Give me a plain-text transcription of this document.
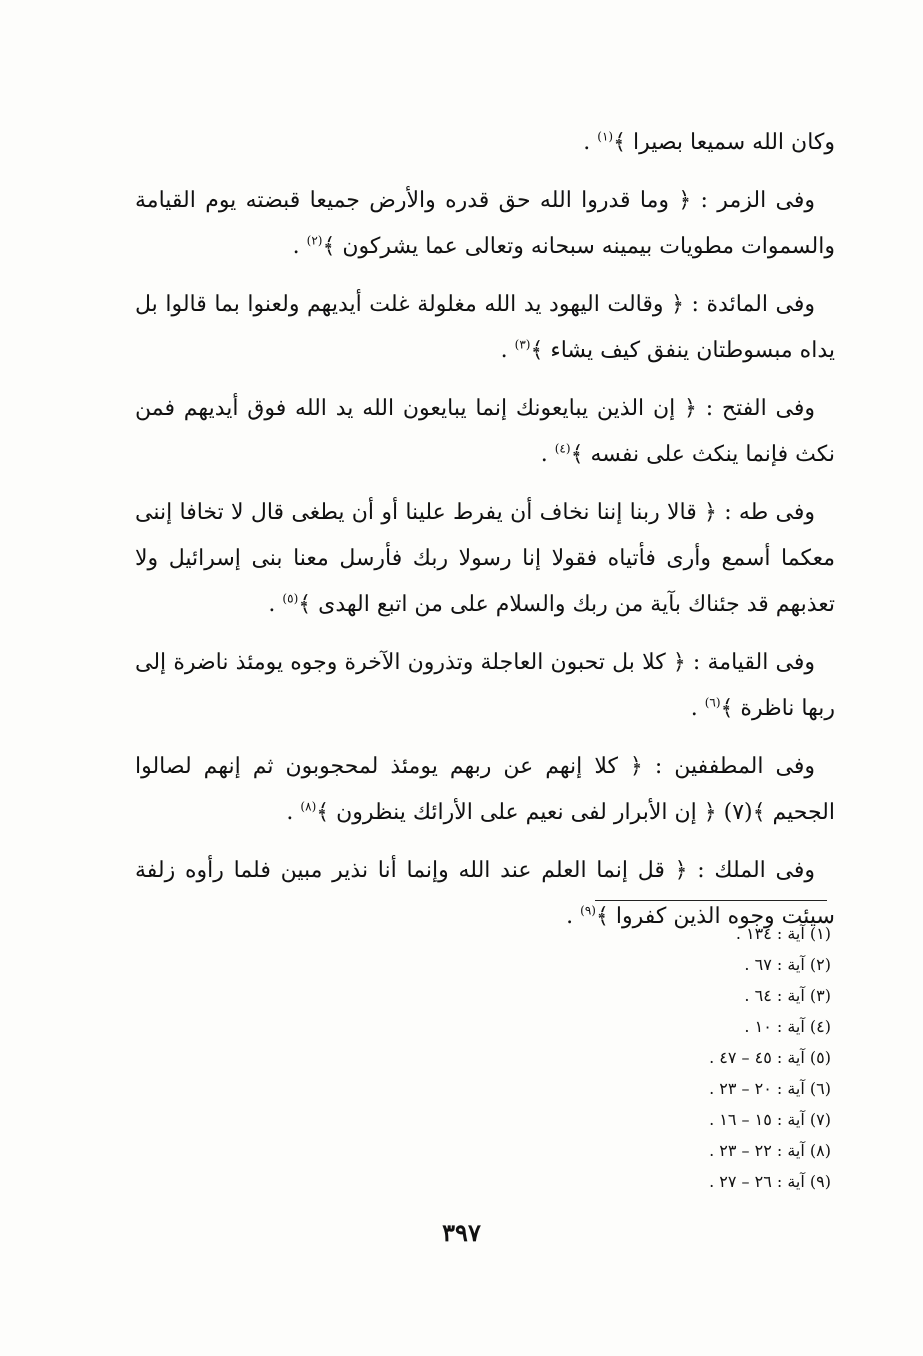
وكان الله سميعا بصيرا ﴾$^{(١)}$ .

وفى الزمر : ﴿ وما قدروا الله حق قدره والأرض جميعا قبضته يوم القيامة والسموات مطويات بيمينه سبحانه وتعالى عما يشركون ﴾$^{(٢)}$ .

وفى المائدة : ﴿ وقالت اليهود يد الله مغلولة غلت أيديهم ولعنوا بما قالوا بل يداه مبسوطتان ينفق كيف يشاء ﴾$^{(٣)}$ .

وفى الفتح : ﴿ إن الذين يبايعونك إنما يبايعون الله يد الله فوق أيديهم فمن نكث فإنما ينكث على نفسه ﴾$^{(٤)}$ .

وفى طه : ﴿ قالا ربنا إننا نخاف أن يفرط علينا أو أن يطغى قال لا تخافا إننى معكما أسمع وأرى فأتياه فقولا إنا رسولا ربك فأرسل معنا بنى إسرائيل ولا تعذبهم قد جئناك بآية من ربك والسلام على من اتبع الهدى ﴾$^{(٥)}$ .

وفى القيامة : ﴿ كلا بل تحبون العاجلة وتذرون الآخرة وجوه يومئذ ناضرة إلى ربها ناظرة ﴾$^{(٦)}$ .

وفى المطففين : ﴿ كلا إنهم عن ربهم يومئذ لمحجوبون ثم إنهم لصالوا الجحيم ﴾(٧) ﴿ إن الأبرار لفى نعيم على الأرائك ينظرون ﴾$^{(٨)}$ .

وفى الملك : ﴿ قل إنما العلم عند الله وإنما أنا نذير مبين فلما رأوه زلفة سيئت وجوه الذين كفروا ﴾$^{(٩)}$ .

(١) آية : ١٣٤ .
(٢) آية : ٦٧ .
(٣) آية : ٦٤ .
(٤) آية : ١٠ .
(٥) آية : ٤٥ – ٤٧ .
(٦) آية : ٢٠ – ٢٣ .
(٧) آية : ١٥ – ١٦ .
(٨) آية : ٢٢ – ٢٣ .
(٩) آية : ٢٦ – ٢٧ .
٣٩٧
